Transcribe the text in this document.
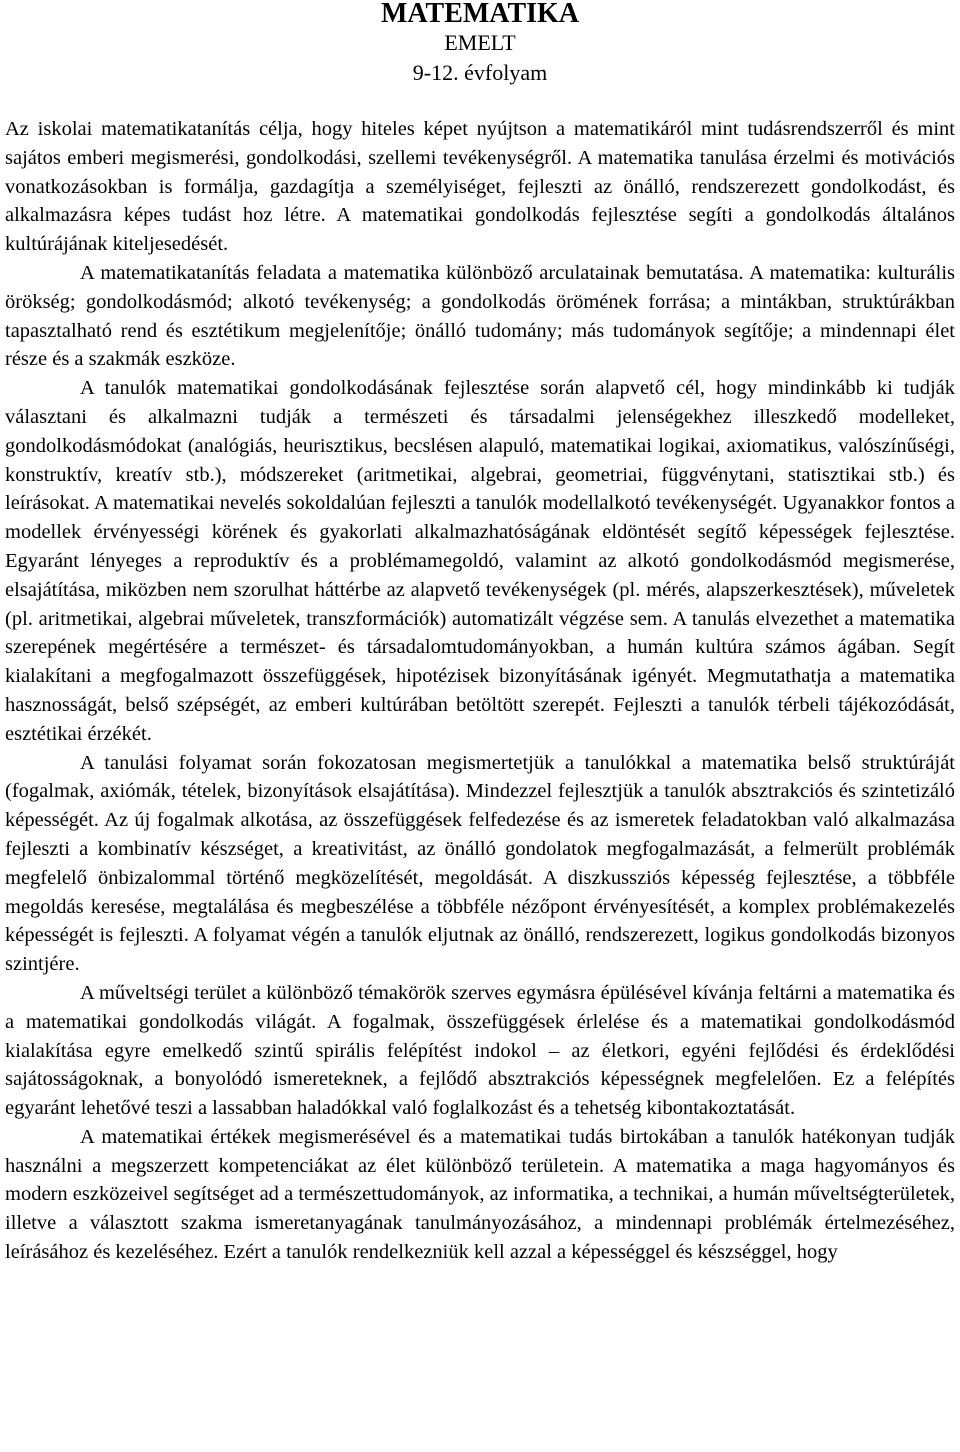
MATEMATIKA
EMELT
9-12. évfolyam

Az iskolai matematikatanítás célja, hogy hiteles képet nyújtson a matematikáról mint tudásrendszerről és mint sajátos emberi megismerési, gondolkodási, szellemi tevékenységről. A matematika tanulása érzelmi és motivációs vonatkozásokban is formálja, gazdagítja a személyiséget, fejleszti az önálló, rendszerezett gondolkodást, és alkalmazásra képes tudást hoz létre. A matematikai gondolkodás fejlesztése segíti a gondolkodás általános kultúrájának kiteljesedését.

A matematikatanítás feladata a matematika különböző arculatainak bemutatása. A matematika: kulturális örökség; gondolkodásmód; alkotó tevékenység; a gondolkodás örömének forrása; a mintákban, struktúrákban tapasztalható rend és esztétikum megjelenítője; önálló tudomány; más tudományok segítője; a mindennapi élet része és a szakmák eszköze.

A tanulók matematikai gondolkodásának fejlesztése során alapvető cél, hogy mindinkább ki tudják választani és alkalmazni tudják a természeti és társadalmi jelenségekhez illeszkedő modelleket, gondolkodásmódokat (analógiás, heurisztikus, becslésen alapuló, matematikai logikai, axiomatikus, valószínűségi, konstruktív, kreatív stb.), módszereket (aritmetikai, algebrai, geometriai, függvénytani, statisztikai stb.) és leírásokat. A matematikai nevelés sokoldalúan fejleszti a tanulók modellalkotó tevékenységét. Ugyanakkor fontos a modellek érvényességi körének és gyakorlati alkalmazhatóságának eldöntését segítő képességek fejlesztése. Egyaránt lényeges a reproduktív és a problémamegoldó, valamint az alkotó gondolkodásmód megismerése, elsajátítása, miközben nem szorulhat háttérbe az alapvető tevékenységek (pl. mérés, alapszerkesztések), műveletek (pl. aritmetikai, algebrai műveletek, transzformációk) automatizált végzése sem. A tanulás elvezethet a matematika szerepének megértésére a természet- és társadalomtudományokban, a humán kultúra számos ágában. Segít kialakítani a megfogalmazott összefüggések, hipotézisek bizonyításának igényét. Megmutathatja a matematika hasznosságát, belső szépségét, az emberi kultúrában betöltött szerepét. Fejleszti a tanulók térbeli tájékozódását, esztétikai érzékét.

A tanulási folyamat során fokozatosan megismertetjük a tanulókkal a matematika belső struktúráját (fogalmak, axiómák, tételek, bizonyítások elsajátítása). Mindezzel fejlesztjük a tanulók absztrakciós és szintetizáló képességét. Az új fogalmak alkotása, az összefüggések felfedezése és az ismeretek feladatokban való alkalmazása fejleszti a kombinatív készséget, a kreativitást, az önálló gondolatok megfogalmazását, a felmerült problémák megfelelő önbizalommal történő megközelítését, megoldását. A diszkussziós képesség fejlesztése, a többféle megoldás keresése, megtalálása és megbeszélése a többféle nézőpont érvényesítését, a komplex problémakezelés képességét is fejleszti. A folyamat végén a tanulók eljutnak az önálló, rendszerezett, logikus gondolkodás bizonyos szintjére.

A műveltségi terület a különböző témakörök szerves egymásra épülésével kívánja feltárni a matematika és a matematikai gondolkodás világát. A fogalmak, összefüggések érlelése és a matematikai gondolkodásmód kialakítása egyre emelkedő szintű spirális felépítést indokol – az életkori, egyéni fejlődési és érdeklődési sajátosságoknak, a bonyolódó ismereteknek, a fejlődő absztrakciós képességnek megfelelően. Ez a felépítés egyaránt lehetővé teszi a lassabban haladókkal való foglalkozást és a tehetség kibontakoztatását.

A matematikai értékek megismerésével és a matematikai tudás birtokában a tanulók hatékonyan tudják használni a megszerzett kompetenciákat az élet különböző területein. A matematika a maga hagyományos és modern eszközeivel segítséget ad a természettudományok, az informatika, a technikai, a humán műveltségterületek, illetve a választott szakma ismeretanyagának tanulmányozásához, a mindennapi problémák értelmezéséhez, leírásához és kezeléséhez. Ezért a tanulók rendelkezniük kell azzal a képességgel és készséggel, hogy
